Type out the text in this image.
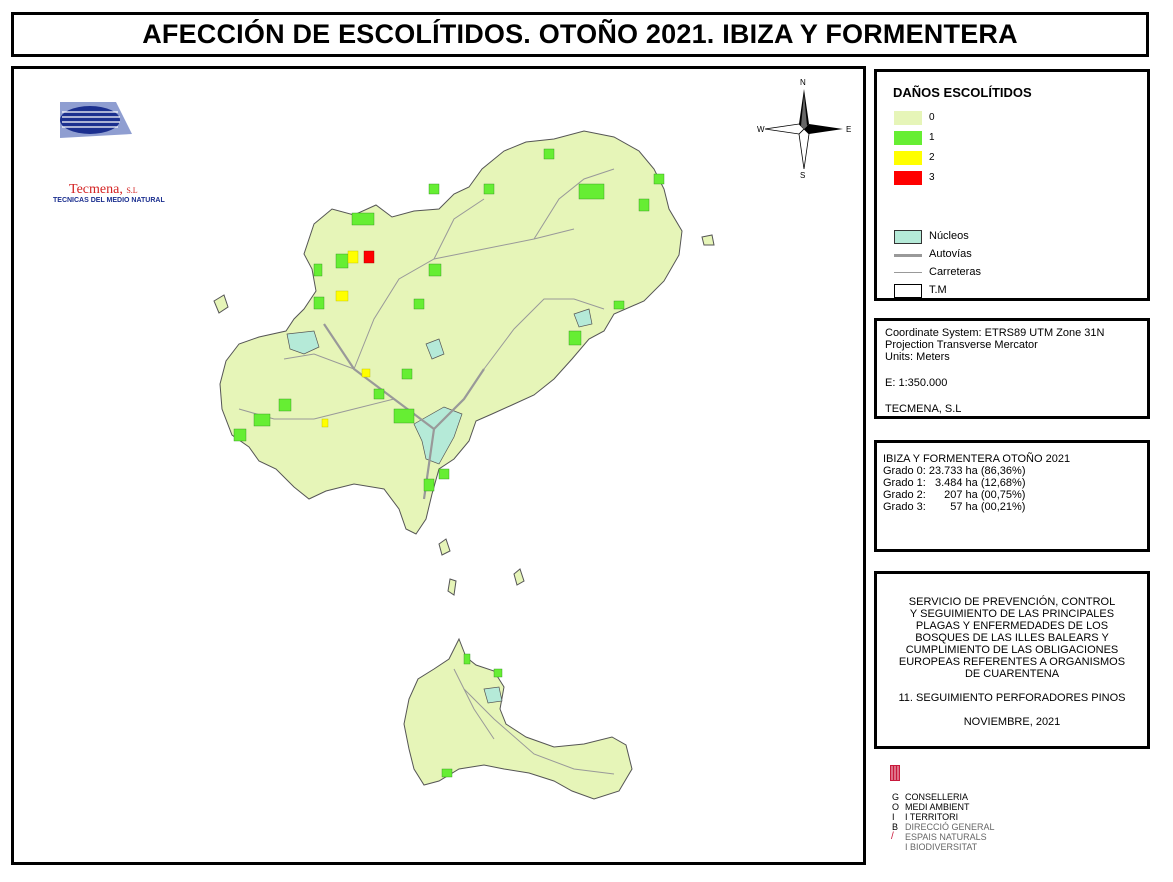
AFECCIÓN DE ESCOLÍTIDOS. OTOÑO 2021. IBIZA Y FORMENTERA
Tecmena, S.L
TECNICAS DEL MEDIO NATURAL
N
S
W	E
DAÑOS ESCOLÍTIDOS
0
1
2
3
Núcleos
Autovías
Carreteras
T.M
Coordinate System: ETRS89 UTM Zone 31N
Projection Transverse Mercator
Units: Meters
E: 1:350.000
TECMENA, S.L
IBIZA Y FORMENTERA OTOÑO 2021
Grado 0: 23.733 ha (86,36%)
Grado 1:   3.484 ha (12,68%)
Grado 2:      207 ha (00,75%)
Grado 3:        57 ha (00,21%)
SERVICIO DE PREVENCIÓN, CONTROL
Y SEGUIMIENTO DE LAS PRINCIPALES
PLAGAS Y ENFERMEDADES DE LOS
BOSQUES DE LAS ILLES BALEARS Y
CUMPLIMIENTO DE LAS OBLIGACIONES
EUROPEAS REFERENTES A ORGANISMOS
DE CUARENTENA
11. SEGUIMIENTO PERFORADORES PINOS
NOVIEMBRE, 2021
G
O
I
B
/
CONSELLERIA
MEDI AMBIENT
I TERRITORI
DIRECCIÓ GENERAL
ESPAIS NATURALS
I BIODIVERSITAT
